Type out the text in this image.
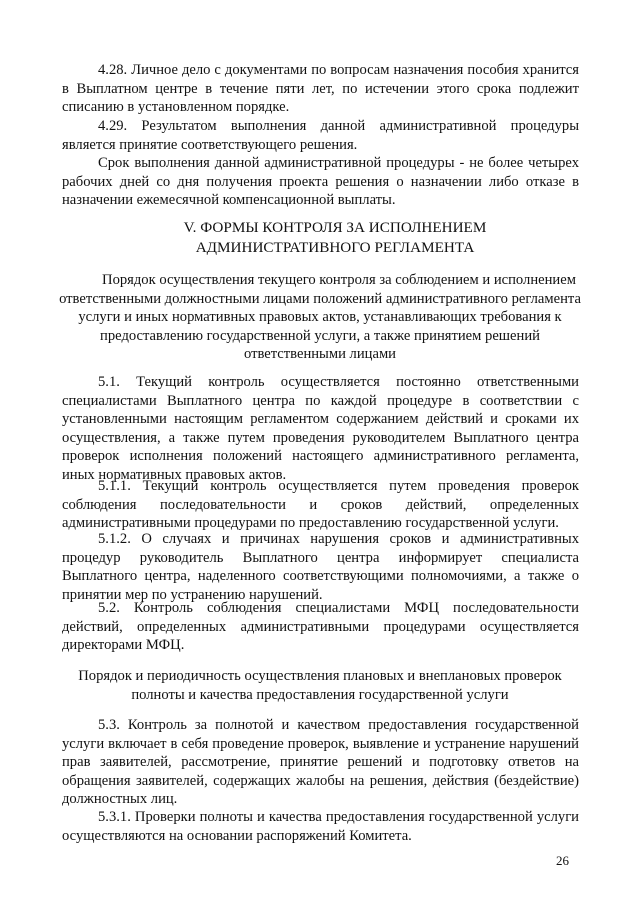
4.28. Личное дело с документами по вопросам назначения пособия хранится в Выплатном центре в течение пяти лет, по истечении этого срока подлежит списанию в установленном порядке.

4.29. Результатом выполнения данной административной процедуры является принятие соответствующего решения.

Срок выполнения данной административной процедуры - не более четырех рабочих дней со дня получения проекта решения о назначении либо отказе в назначении ежемесячной компенсационной выплаты.

V. ФОРМЫ КОНТРОЛЯ ЗА ИСПОЛНЕНИЕМ
АДМИНИСТРАТИВНОГО РЕГЛАМЕНТА

Порядок осуществления текущего контроля за соблюдением и исполнением ответственными должностными лицами положений административного регламента услуги и иных нормативных правовых актов, устанавливающих требования к предоставлению государственной услуги, а также принятием решений ответственными лицами

5.1. Текущий контроль осуществляется постоянно ответственными специалистами Выплатного центра по каждой процедуре в соответствии с установленными настоящим регламентом содержанием действий и сроками их осуществления, а также путем проведения руководителем Выплатного центра проверок исполнения положений настоящего административного регламента, иных нормативных правовых актов.

5.1.1. Текущий контроль осуществляется путем проведения проверок соблюдения последовательности и сроков действий, определенных административными процедурами по предоставлению государственной услуги.

5.1.2. О случаях и причинах нарушения сроков и административных процедур руководитель Выплатного центра информирует специалиста Выплатного центра, наделенного соответствующими полномочиями, а также о принятии мер по устранению нарушений.

5.2. Контроль соблюдения специалистами МФЦ последовательности действий, определенных административными процедурами осуществляется директорами МФЦ.

Порядок и периодичность осуществления плановых и внеплановых проверок полноты и качества предоставления государственной услуги

5.3. Контроль за полнотой и качеством предоставления государственной услуги включает в себя проведение проверок, выявление и устранение нарушений прав заявителей, рассмотрение, принятие решений и подготовку ответов на обращения заявителей, содержащих жалобы на решения, действия (бездействие) должностных лиц.

5.3.1. Проверки полноты и качества предоставления государственной услуги осуществляются на основании распоряжений Комитета.

26
